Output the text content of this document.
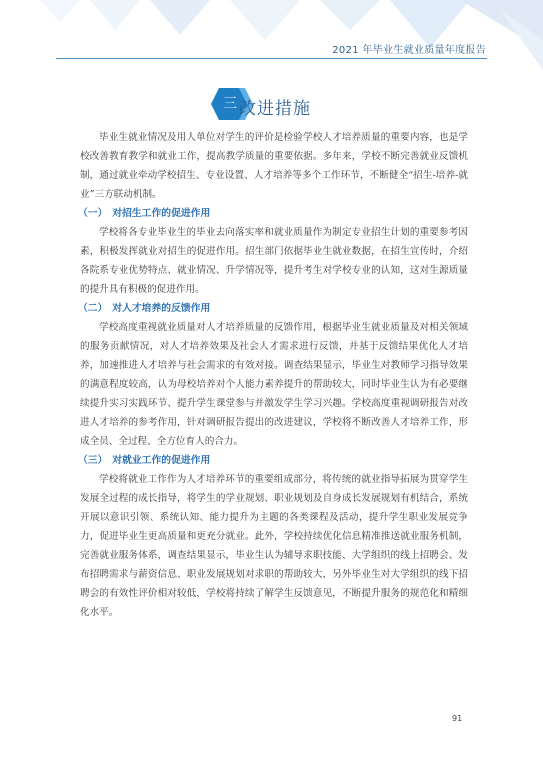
2021 年毕业生就业质量年度报告
三 改进措施

毕业生就业情况及用人单位对学生的评价是检验学校人才培养质量的重要内容，也是学校改善教育教学和就业工作，提高教学质量的重要依据。多年来，学校不断完善就业反馈机制，通过就业牵动学校招生、专业设置、人才培养等多个工作环节，不断健全“招生-培养-就业”三方联动机制。

（一）　对招生工作的促进作用

学校将各专业毕业生的毕业去向落实率和就业质量作为制定专业招生计划的重要参考因素，积极发挥就业对招生的促进作用。招生部门依据毕业生就业数据，在招生宣传时，介绍各院系专业优势特点、就业情况、升学情况等，提升考生对学校专业的认知，这对生源质量的提升具有积极的促进作用。

（二）　对人才培养的反馈作用

学校高度重视就业质量对人才培养质量的反馈作用，根据毕业生就业质量及对相关领域的服务贡献情况，对人才培养效果及社会人才需求进行反馈，并基于反馈结果优化人才培养，加速推进人才培养与社会需求的有效对接。调查结果显示，毕业生对教师学习指导效果的满意程度较高，认为母校培养对个人能力素养提升的帮助较大，同时毕业生认为有必要继续提升实习实践环节、提升学生课堂参与并激发学生学习兴趣。学校高度重视调研报告对改进人才培养的参考作用，针对调研报告提出的改进建议，学校将不断改善人才培养工作，形成全员、全过程、全方位育人的合力。

（三）　对就业工作的促进作用

学校将就业工作作为人才培养环节的重要组成部分，将传统的就业指导拓展为贯穿学生发展全过程的成长指导，将学生的学业规划、职业规划及自身成长发展规划有机结合，系统开展以意识引领、系统认知、能力提升为主题的各类课程及活动，提升学生职业发展竞争力，促进毕业生更高质量和更充分就业。此外，学校持续优化信息精准推送就业服务机制，完善就业服务体系，调查结果显示，毕业生认为辅导求职技能、大学组织的线上招聘会、发布招聘需求与薪资信息、职业发展规划对求职的帮助较大，另外毕业生对大学组织的线下招聘会的有效性评价相对较低，学校将持续了解学生反馈意见，不断提升服务的规范化和精细化水平。

91
